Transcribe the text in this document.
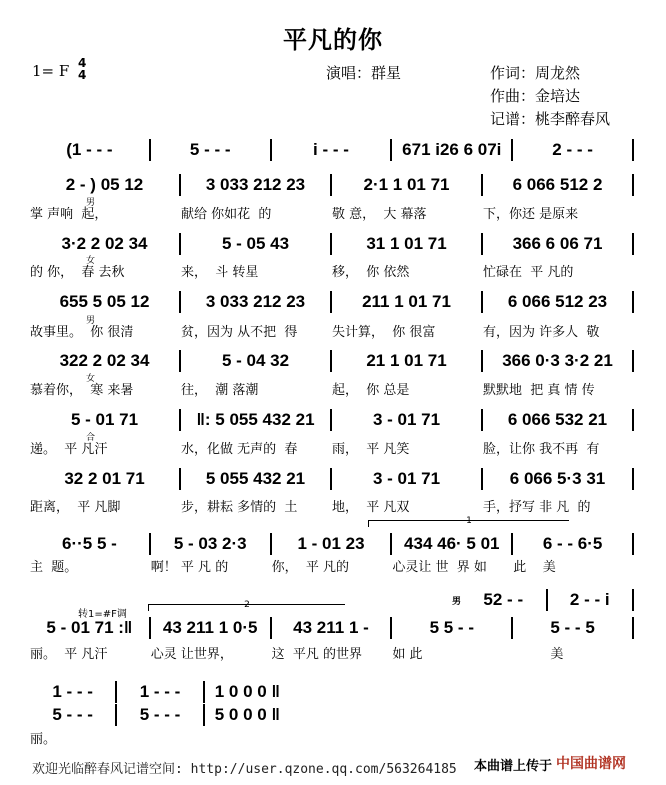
平凡的你
1= F 4
4	演唱：群星	作词：周龙然
作曲：金培达
记谱：桃李醉春风
(1 - - -	5 - - -	i - - -	671 i26 6 07i	2 - - -
2 - ) 05 12	3 033 212 23	2·1 1 01 71	6 066 512 2
掌 声响  起，	献给 你如花  的	敬 意，  大 幕落	下，你还 是原来
男
3·2 2 02 34	5 - 05 43	31 1 01 71	366 6 06 71
的 你，  春 去秋	来，  斗 转星	移，  你 依然	忙碌在  平 凡的
女
655 5 05 12	3 033 212 23	211 1 01 71	6 066 512 23
故事里。  你 很清	贫，因为 从不把  得	失计算，  你 很富	有，因为 许多人  敬
男
322 2 02 34	5 - 04 32	21 1 01 71	366 0·3 3·2 21
慕着你，  寒 来暑	往，  潮 落潮	起，  你 总是	默默地  把 真 情 传
女
5 - 01 71	‖: 5 055 432 21	3 - 01 71	6 066 532 21
递。  平 凡汗	水，化做 无声的  春	雨，  平 凡笑	脸，让你 我不再  有
合
32 2 01 71	5 055 432 21	3 - 01 71	6 066 5·3 31
距离，  平 凡脚	步，耕耘 多情的  土	地，  平 凡双	手，抒写 非 凡  的
6··5 5 -	5 - 03 2·3	1 - 01 23	434 46· 5 01	6 - - 6·5
主  题。	啊！ 平 凡 的	你，  平 凡的	心灵让 世  界 如	此    美
5 - 01 71 :‖	43 211 1 0·5	43 211 1 -	5 5 - -	5 - - 5
男	52 - -	2 - - i
丽。  平 凡汗	心灵 让世界，	这  平凡 的世界	如 此	美
1 - - -	1 - - -	1 0 0 0 ‖
5 - - -	5 - - -	5 0 0 0 ‖
丽。
1
2
转1=#F调
欢迎光临醉春风记谱空间: http://user.qzone.qq.com/563264185 本曲谱上传于 中国曲谱网
